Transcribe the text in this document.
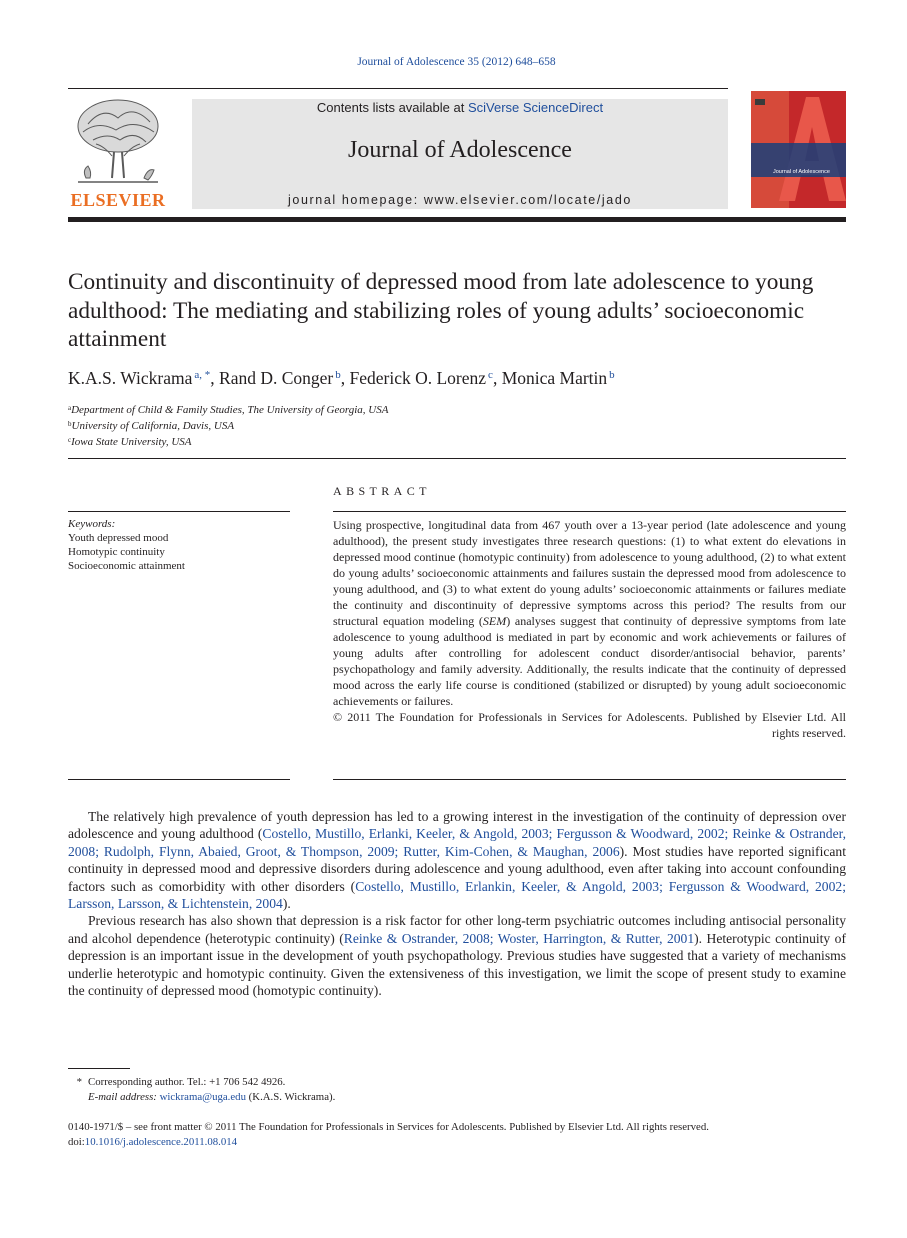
Journal of Adolescence 35 (2012) 648–658
ELSEVIER
Contents lists available at SciVerse ScienceDirect
Journal of Adolescence
journal homepage: www.elsevier.com/locate/jado
Journal of Adolescence
Continuity and discontinuity of depressed mood from late adolescence to young adulthood: The mediating and stabilizing roles of young adults’ socioeconomic attainment
K.A.S. Wickrama $^{a, *}$, Rand D. Conger $^b$, Federick O. Lorenz $^c$, Monica Martin $^b$
$^a$Department of Child & Family Studies, The University of Georgia, USA
$^b$University of California, Davis, USA
$^c$Iowa State University, USA
ABSTRACT
Keywords:
Youth depressed mood
Homotypic continuity
Socioeconomic attainment

Using prospective, longitudinal data from 467 youth over a 13-year period (late adolescence and young adulthood), the present study investigates three research questions: (1) to what extent do elevations in depressed mood continue (homotypic continuity) from adolescence to young adulthood, (2) to what extent do young adults’ socioeconomic attainments and failures sustain the depressed mood from adolescence to young adulthood, and (3) to what extent do young adults’ socioeconomic attainments or failures mediate the continuity and discontinuity of depressive symptoms across this period? The results from our structural equation modeling (SEM) analyses suggest that continuity of depressive symptoms from late adolescence to young adulthood is mediated in part by economic and work achievements or failures of young adults after controlling for adolescent conduct disorder/antisocial behavior, parents’ psychopathology and family adversity. Additionally, the results indicate that the continuity of depressed mood across the early life course is conditioned (stabilized or disrupted) by young adult socioeconomic achievements or failures.

© 2011 The Foundation for Professionals in Services for Adolescents. Published by Elsevier Ltd. All rights reserved.

The relatively high prevalence of youth depression has led to a growing interest in the investigation of the continuity of depression over adolescence and young adulthood (Costello, Mustillo, Erlanki, Keeler, & Angold, 2003; Fergusson & Woodward, 2002; Reinke & Ostrander, 2008; Rudolph, Flynn, Abaied, Groot, & Thompson, 2009; Rutter, Kim-Cohen, & Maughan, 2006). Most studies have reported significant continuity in depressed mood and depressive disorders during adolescence and young adulthood, even after taking into account confounding factors such as comorbidity with other disorders (Costello, Mustillo, Erlankin, Keeler, & Angold, 2003; Fergusson & Woodward, 2002; Larsson, Larsson, & Lichtenstein, 2004).

Previous research has also shown that depression is a risk factor for other long-term psychiatric outcomes including antisocial personality and alcohol dependence (heterotypic continuity) (Reinke & Ostrander, 2008; Woster, Harrington, & Rutter, 2001). Heterotypic continuity of depression is an important issue in the development of youth psychopathology. Previous studies have suggested that a variety of mechanisms underlie heterotypic and homotypic continuity. Given the extensiveness of this investigation, we limit the scope of present study to examine the continuity of depressed mood (homotypic continuity).

* Corresponding author. Tel.: +1 706 542 4926.
E-mail address: wickrama@uga.edu (K.A.S. Wickrama).
0140-1971/$ – see front matter © 2011 The Foundation for Professionals in Services for Adolescents. Published by Elsevier Ltd. All rights reserved.
doi:10.1016/j.adolescence.2011.08.014
